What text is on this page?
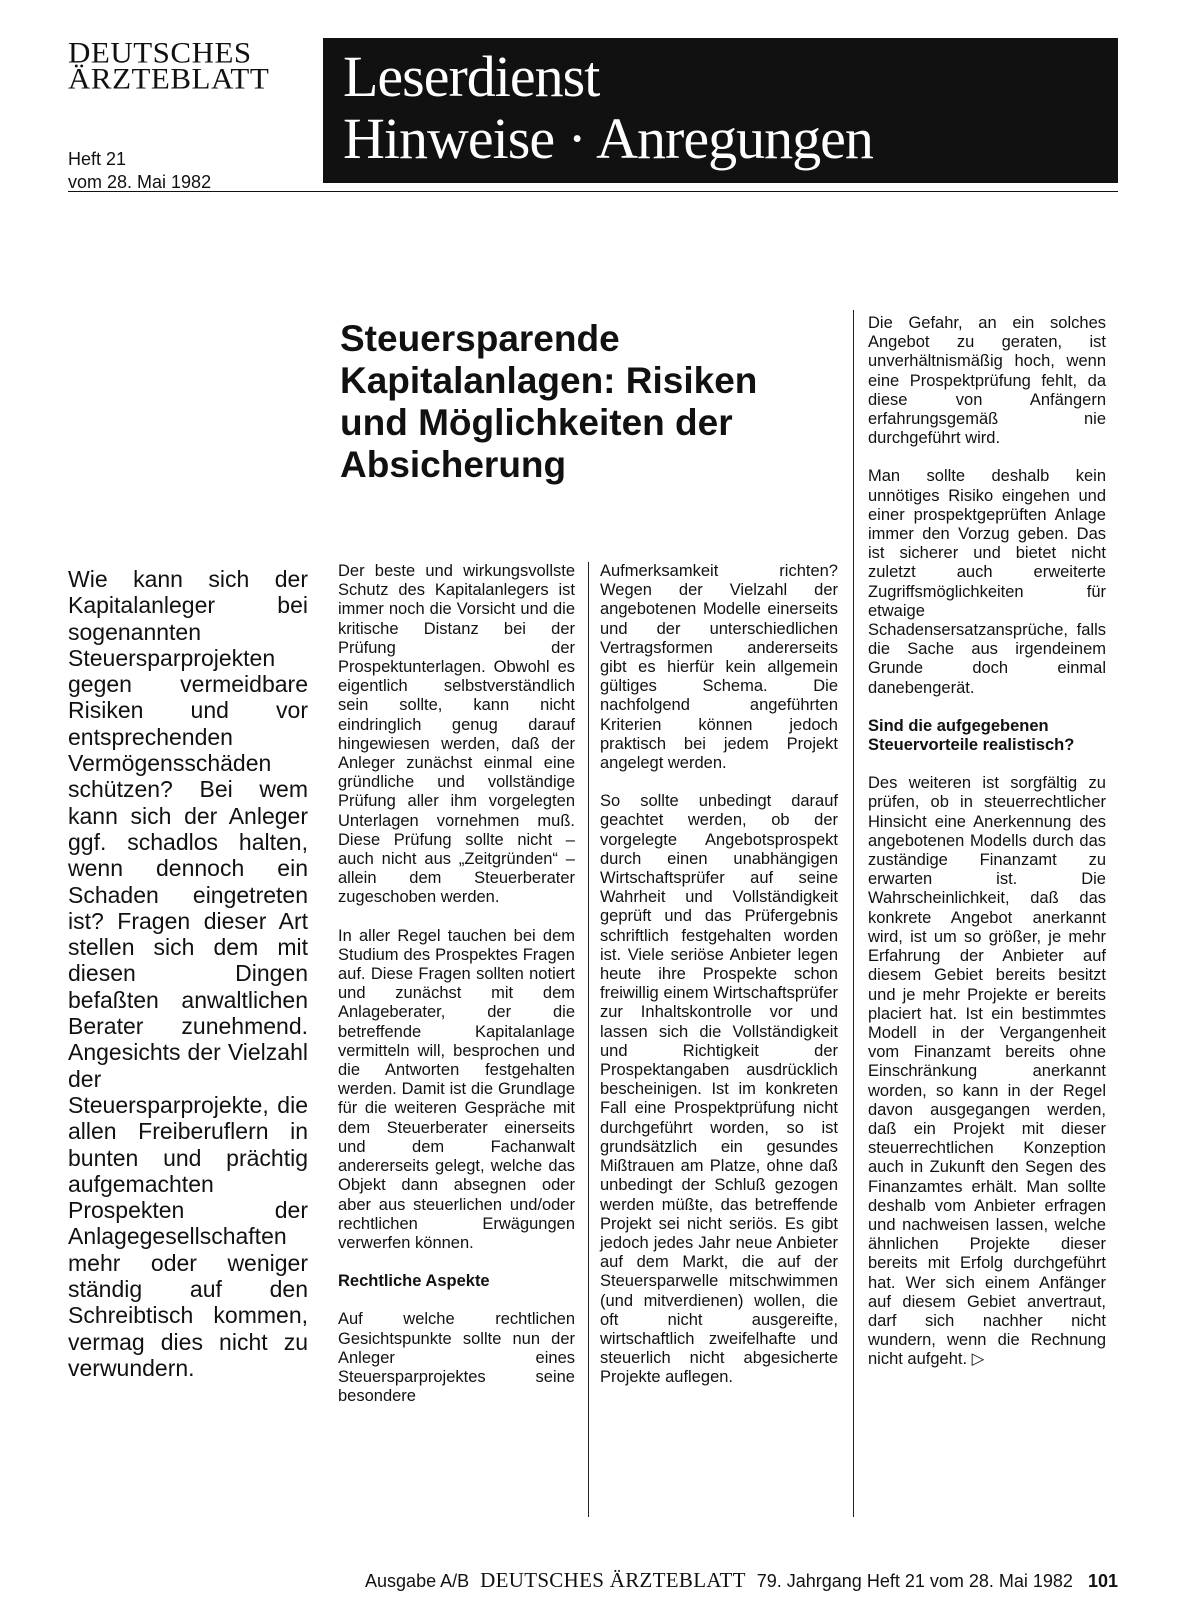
DEUTSCHES
ÄRZTEBLATT
Heft 21
vom 28. Mai 1982
Leserdienst
Hinweise · Anregungen
Steuersparende Kapitalanlagen: Risiken und Möglichkeiten der Absicherung
Wie kann sich der Kapitalanleger bei sogenannten Steuersparprojekten gegen vermeidbare Risiken und vor entsprechenden Vermögensschäden schützen? Bei wem kann sich der Anleger ggf. schadlos halten, wenn dennoch ein Schaden eingetreten ist? Fragen dieser Art stellen sich dem mit diesen Dingen befaßten anwaltlichen Berater zunehmend. Angesichts der Vielzahl der Steuersparprojekte, die allen Freiberuflern in bunten und prächtig aufgemachten Prospekten der Anlagegesellschaften mehr oder weniger ständig auf den Schreibtisch kommen, vermag dies nicht zu verwundern.

Der beste und wirkungsvollste Schutz des Kapitalanlegers ist immer noch die Vorsicht und die kritische Distanz bei der Prüfung der Prospektunterlagen. Obwohl es eigentlich selbstverständlich sein sollte, kann nicht eindringlich genug darauf hingewiesen werden, daß der Anleger zunächst einmal eine gründliche und vollständige Prüfung aller ihm vorgelegten Unterlagen vornehmen muß. Diese Prüfung sollte nicht – auch nicht aus „Zeitgründen“ – allein dem Steuerberater zugeschoben werden.

In aller Regel tauchen bei dem Studium des Prospektes Fragen auf. Diese Fragen sollten notiert und zunächst mit dem Anlageberater, der die betreffende Kapitalanlage vermitteln will, besprochen und die Antworten festgehalten werden. Damit ist die Grundlage für die weiteren Gespräche mit dem Steuerberater einerseits und dem Fachanwalt andererseits gelegt, welche das Objekt dann absegnen oder aber aus steuerlichen und/oder rechtlichen Erwägungen verwerfen können.

Rechtliche Aspekte

Auf welche rechtlichen Gesichtspunkte sollte nun der Anleger eines Steuersparprojektes seine besondere

Aufmerksamkeit richten? Wegen der Vielzahl der angebotenen Modelle einerseits und der unterschiedlichen Vertragsformen andererseits gibt es hierfür kein allgemein gültiges Schema. Die nachfolgend angeführten Kriterien können jedoch praktisch bei jedem Projekt angelegt werden.

So sollte unbedingt darauf geachtet werden, ob der vorgelegte Angebotsprospekt durch einen unabhängigen Wirtschaftsprüfer auf seine Wahrheit und Vollständigkeit geprüft und das Prüfergebnis schriftlich festgehalten worden ist. Viele seriöse Anbieter legen heute ihre Prospekte schon freiwillig einem Wirtschaftsprüfer zur Inhaltskontrolle vor und lassen sich die Vollständigkeit und Richtigkeit der Prospektangaben ausdrücklich bescheinigen. Ist im konkreten Fall eine Prospektprüfung nicht durchgeführt worden, so ist grundsätzlich ein gesundes Mißtrauen am Platze, ohne daß unbedingt der Schluß gezogen werden müßte, das betreffende Projekt sei nicht seriös. Es gibt jedoch jedes Jahr neue Anbieter auf dem Markt, die auf der Steuersparwelle mitschwimmen (und mitverdienen) wollen, die oft nicht ausgereifte, wirtschaftlich zweifelhafte und steuerlich nicht abgesicherte Projekte auflegen.

Die Gefahr, an ein solches Angebot zu geraten, ist unverhältnismäßig hoch, wenn eine Prospektprüfung fehlt, da diese von Anfängern erfahrungsgemäß nie durchgeführt wird.

Man sollte deshalb kein unnötiges Risiko eingehen und einer prospektgeprüften Anlage immer den Vorzug geben. Das ist sicherer und bietet nicht zuletzt auch erweiterte Zugriffsmöglichkeiten für etwaige Schadensersatzansprüche, falls die Sache aus irgendeinem Grunde doch einmal danebengerät.

Sind die aufgegebenen Steuervorteile realistisch?

Des weiteren ist sorgfältig zu prüfen, ob in steuerrechtlicher Hinsicht eine Anerkennung des angebotenen Modells durch das zuständige Finanzamt zu erwarten ist. Die Wahrscheinlichkeit, daß das konkrete Angebot anerkannt wird, ist um so größer, je mehr Erfahrung der Anbieter auf diesem Gebiet bereits besitzt und je mehr Projekte er bereits placiert hat. Ist ein bestimmtes Modell in der Vergangenheit vom Finanzamt bereits ohne Einschränkung anerkannt worden, so kann in der Regel davon ausgegangen werden, daß ein Projekt mit dieser steuerrechtlichen Konzeption auch in Zukunft den Segen des Finanzamtes erhält. Man sollte deshalb vom Anbieter erfragen und nachweisen lassen, welche ähnlichen Projekte dieser bereits mit Erfolg durchgeführt hat. Wer sich einem Anfänger auf diesem Gebiet anvertraut, darf sich nachher nicht wundern, wenn die Rechnung nicht aufgeht. ▷

Ausgabe A/B DEUTSCHES ÄRZTEBLATT 79. Jahrgang Heft 21 vom 28. Mai 1982 101
